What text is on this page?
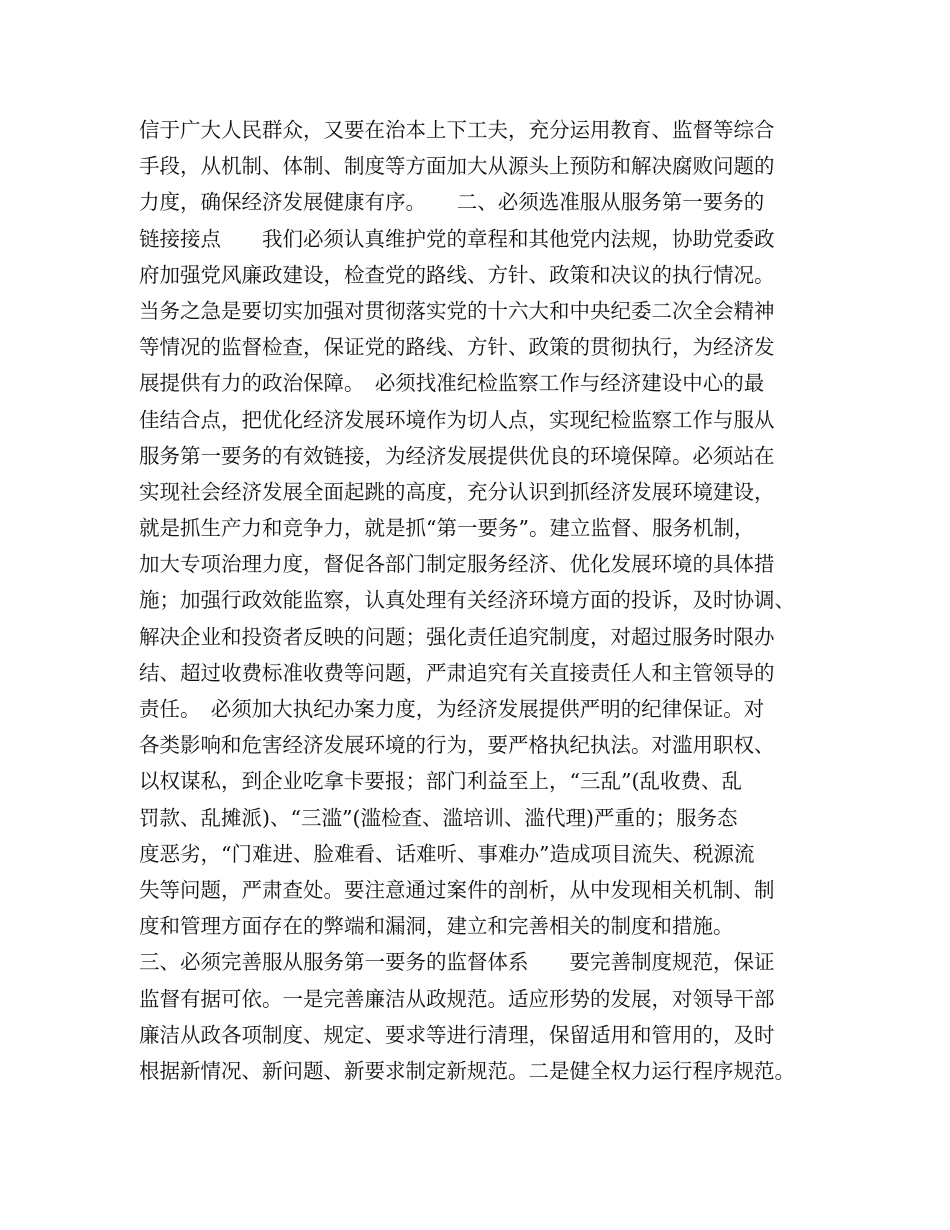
信于广大人民群众，又要在治本上下工夫，充分运用教育、监督等综合
手段，从机制、体制、制度等方面加大从源头上预防和解决腐败问题的
力度，确保经济发展健康有序。　　二、必须选准服从服务第一要务的
链接接点　　我们必须认真维护党的章程和其他党内法规，协助党委政
府加强党风廉政建设，检查党的路线、方针、政策和决议的执行情况。
当务之急是要切实加强对贯彻落实党的十六大和中央纪委二次全会精神
等情况的监督检查，保证党的路线、方针、政策的贯彻执行，为经济发
展提供有力的政治保障。　必须找准纪检监察工作与经济建设中心的最
佳结合点，把优化经济发展环境作为切人点，实现纪检监察工作与服从
服务第一要务的有效链接，为经济发展提供优良的环境保障。必须站在
实现社会经济发展全面起跳的高度，充分认识到抓经济发展环境建设，
就是抓生产力和竞争力，就是抓“第一要务”。建立监督、服务机制，
加大专项治理力度，督促各部门制定服务经济、优化发展环境的具体措
施；加强行政效能监察，认真处理有关经济环境方面的投诉，及时协调、
解决企业和投资者反映的问题；强化责任追究制度，对超过服务时限办
结、超过收费标准收费等问题，严肃追究有关直接责任人和主管领导的
责任。　必须加大执纪办案力度，为经济发展提供严明的纪律保证。对
各类影响和危害经济发展环境的行为，要严格执纪执法。对滥用职权、
以权谋私，到企业吃拿卡要报；部门利益至上，“三乱”(乱收费、乱
罚款、乱摊派)、“三滥”(滥检查、滥培训、滥代理)严重的；服务态
度恶劣，“门难进、脸难看、话难听、事难办”造成项目流失、税源流
失等问题，严肃查处。要注意通过案件的剖析，从中发现相关机制、制
度和管理方面存在的弊端和漏洞，建立和完善相关的制度和措施。
三、必须完善服从服务第一要务的监督体系　　要完善制度规范，保证
监督有据可依。一是完善廉洁从政规范。适应形势的发展，对领导干部
廉洁从政各项制度、规定、要求等进行清理，保留适用和管用的，及时
根据新情况、新问题、新要求制定新规范。二是健全权力运行程序规范。
